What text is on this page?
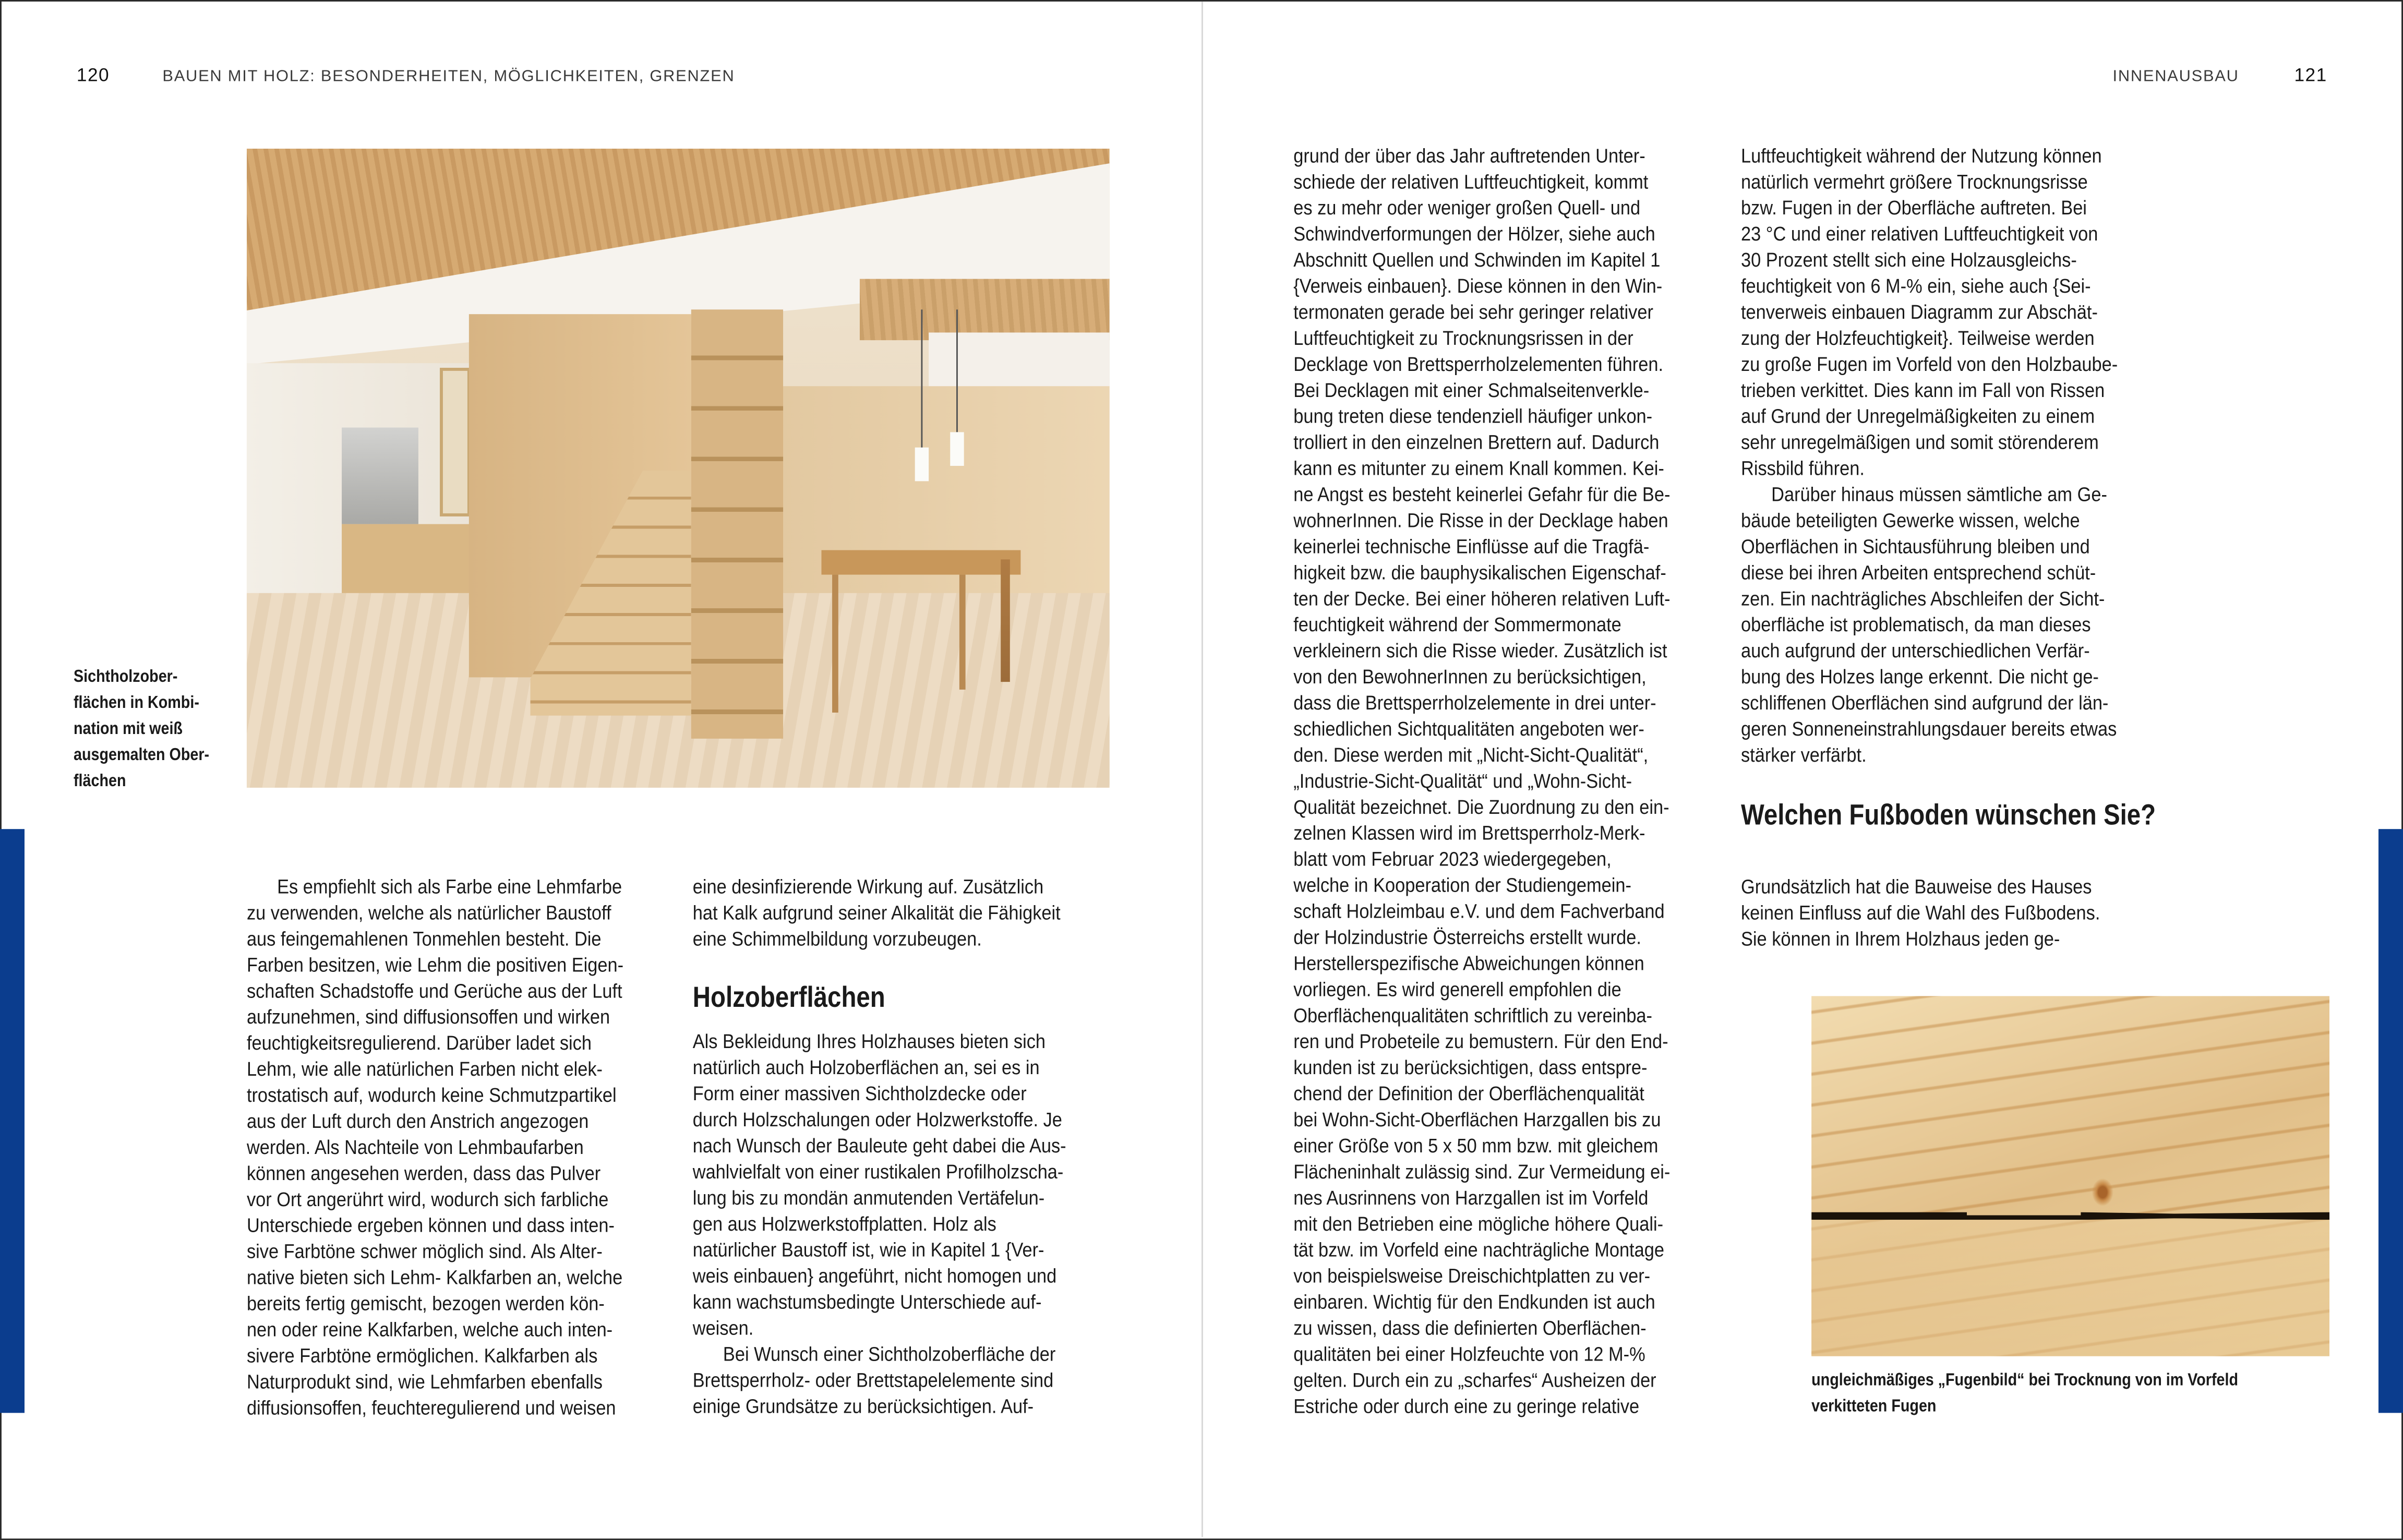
120	BAUEN MIT HOLZ: BESONDERHEITEN, MÖGLICHKEITEN, GRENZEN	INNENAUSBAU	121
Sichtholzober-
flächen in Kombi-
nation mit weiß
ausgemalten Ober-
flächen
Es empfiehlt sich als Farbe eine Lehmfarbe
zu verwenden, welche als natürlicher Baustoff
aus feingemahlenen Tonmehlen besteht. Die
Farben besitzen, wie Lehm die positiven Eigen-
schaften Schadstoffe und Gerüche aus der Luft
aufzunehmen, sind diffusionsoffen und wirken
feuchtigkeitsregulierend. Darüber ladet sich
Lehm, wie alle natürlichen Farben nicht elek-
trostatisch auf, wodurch keine Schmutzpartikel
aus der Luft durch den Anstrich angezogen
werden. Als Nachteile von Lehmbaufarben
können angesehen werden, dass das Pulver
vor Ort angerührt wird, wodurch sich farbliche
Unterschiede ergeben können und dass inten-
sive Farbtöne schwer möglich sind. Als Alter-
native bieten sich Lehm- Kalkfarben an, welche
bereits fertig gemischt, bezogen werden kön-
nen oder reine Kalkfarben, welche auch inten-
sivere Farbtöne ermöglichen. Kalkfarben als
Naturprodukt sind, wie Lehmfarben ebenfalls
diffusionsoffen, feuchteregulierend und weisen
eine desinfizierende Wirkung auf. Zusätzlich
hat Kalk aufgrund seiner Alkalität die Fähigkeit
eine Schimmelbildung vorzubeugen.
Holzoberflächen
Als Bekleidung Ihres Holzhauses bieten sich
natürlich auch Holzoberflächen an, sei es in
Form einer massiven Sichtholzdecke oder
durch Holzschalungen oder Holzwerkstoffe. Je
nach Wunsch der Bauleute geht dabei die Aus-
wahlvielfalt von einer rustikalen Profilholzscha-
lung bis zu mondän anmutenden Vertäfelun-
gen aus Holzwerkstoffplatten. Holz als
natürlicher Baustoff ist, wie in Kapitel 1 {Ver-
weis einbauen} angeführt, nicht homogen und
kann wachstumsbedingte Unterschiede auf-
weisen.
Bei Wunsch einer Sichtholzoberfläche der
Brettsperrholz- oder Brettstapelelemente sind
einige Grundsätze zu berücksichtigen. Auf-
grund der über das Jahr auftretenden Unter-
schiede der relativen Luftfeuchtigkeit, kommt
es zu mehr oder weniger großen Quell- und
Schwindverformungen der Hölzer, siehe auch
Abschnitt Quellen und Schwinden im Kapitel 1
{Verweis einbauen}. Diese können in den Win-
termonaten gerade bei sehr geringer relativer
Luftfeuchtigkeit zu Trocknungsrissen in der
Decklage von Brettsperrholzelementen führen.
Bei Decklagen mit einer Schmalseitenverkle-
bung treten diese tendenziell häufiger unkon-
trolliert in den einzelnen Brettern auf. Dadurch
kann es mitunter zu einem Knall kommen. Kei-
ne Angst es besteht keinerlei Gefahr für die Be-
wohnerInnen. Die Risse in der Decklage haben
keinerlei technische Einflüsse auf die Tragfä-
higkeit bzw. die bauphysikalischen Eigenschaf-
ten der Decke. Bei einer höheren relativen Luft-
feuchtigkeit während der Sommermonate
verkleinern sich die Risse wieder. Zusätzlich ist
von den BewohnerInnen zu berücksichtigen,
dass die Brettsperrholzelemente in drei unter-
schiedlichen Sichtqualitäten angeboten wer-
den. Diese werden mit „Nicht-Sicht-Qualität“,
„Industrie-Sicht-Qualität“ und „Wohn-Sicht-
Qualität bezeichnet. Die Zuordnung zu den ein-
zelnen Klassen wird im Brettsperrholz-Merk-
blatt vom Februar 2023 wiedergegeben,
welche in Kooperation der Studiengemein-
schaft Holzleimbau e.V. und dem Fachverband
der Holzindustrie Österreichs erstellt wurde.
Herstellerspezifische Abweichungen können
vorliegen. Es wird generell empfohlen die
Oberflächenqualitäten schriftlich zu vereinba-
ren und Probeteile zu bemustern. Für den End-
kunden ist zu berücksichtigen, dass entspre-
chend der Definition der Oberflächenqualität
bei Wohn-Sicht-Oberflächen Harzgallen bis zu
einer Größe von 5 x 50 mm bzw. mit gleichem
Flächeninhalt zulässig sind. Zur Vermeidung ei-
nes Ausrinnens von Harzgallen ist im Vorfeld
mit den Betrieben eine mögliche höhere Quali-
tät bzw. im Vorfeld eine nachträgliche Montage
von beispielsweise Dreischichtplatten zu ver-
einbaren. Wichtig für den Endkunden ist auch
zu wissen, dass die definierten Oberflächen-
qualitäten bei einer Holzfeuchte von 12 M-%
gelten. Durch ein zu „scharfes“ Ausheizen der
Estriche oder durch eine zu geringe relative
Luftfeuchtigkeit während der Nutzung können
natürlich vermehrt größere Trocknungsrisse
bzw. Fugen in der Oberfläche auftreten. Bei
23 °C und einer relativen Luftfeuchtigkeit von
30 Prozent stellt sich eine Holzausgleichs-
feuchtigkeit von 6 M-% ein, siehe auch {Sei-
tenverweis einbauen Diagramm zur Abschät-
zung der Holzfeuchtigkeit}. Teilweise werden
zu große Fugen im Vorfeld von den Holzbaube-
trieben verkittet. Dies kann im Fall von Rissen
auf Grund der Unregelmäßigkeiten zu einem
sehr unregelmäßigen und somit störenderem
Rissbild führen.
Darüber hinaus müssen sämtliche am Ge-
bäude beteiligten Gewerke wissen, welche
Oberflächen in Sichtausführung bleiben und
diese bei ihren Arbeiten entsprechend schüt-
zen. Ein nachträgliches Abschleifen der Sicht-
oberfläche ist problematisch, da man dieses
auch aufgrund der unterschiedlichen Verfär-
bung des Holzes lange erkennt. Die nicht ge-
schliffenen Oberflächen sind aufgrund der län-
geren Sonneneinstrahlungsdauer bereits etwas
stärker verfärbt.
Welchen Fußboden wünschen Sie?
Grundsätzlich hat die Bauweise des Hauses
keinen Einfluss auf die Wahl des Fußbodens.
Sie können in Ihrem Holzhaus jeden ge-
ungleichmäßiges „Fugenbild“ bei Trocknung von im Vorfeld
verkitteten Fugen
